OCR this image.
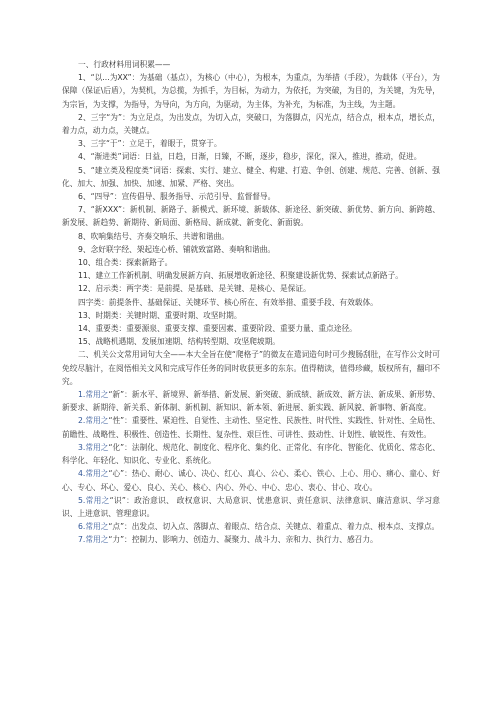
一、行政材料用词积累——

1、“以...为XX”：为基础（基点），为核心（中心），为根本，为重点，为举措（手段），为载体（平台），为保障（保证\后盾），为契机，为总揽，为抓手，为目标，为动力，为依托，为突破，为目的，为关键，为先导，为宗旨，为支撑，为指导，为导向，为方向，为驱动，为主体，为补充，为标准，为主线，为主题。

2、三字“为”：为立足点，为出发点，为切入点，突破口，为落脚点，闪光点，结合点，根本点，增长点，着力点，动力点，关键点。

3、三字“于”：立足于，着眼于，贯穿于。

4、“渐进类”词语：日益，日趋，日渐，日臻，不断，逐步，稳步，深化，深入，推进，推动，促进。

5、“建立类及程度类”词语：探索、实行、建立、健全、构建、打造、争创、创建、规范、完善、创新、强化、加大、加强、加快、加速、加紧、严格、突出。

6、“四导”：宣传倡导、服务指导、示范引导、监督督导。

7、“新XXX”：新机制、新路子、新模式、新环境、新载体、新途径、新突破、新优势、新方向、新跨越、新发展、新趋势、新期待、新局面、新格局、新成就、新变化、新面貌。

8、吹响集结号、齐奏交响乐、共谱和谐曲。

9、念好联字经、架起连心桥、铺就致富路、奏响和谐曲。

10、组合类：探索新路子。

11、建立工作新机制、明确发展新方向、拓展增收新途径、积聚建设新优势、探索试点新路子。

12、启示类：两字类：是前提、是基础、是关键、是核心、是保证。

四字类：前提条件、基础保证、关键环节、核心所在、有效举措、重要手段、有效载体。

13、时期类：关键时期、重要时期、攻坚时期。

14、重要类：重要源泉、重要支撑、重要因素、重要阶段、重要力量、重点途径。

15、战略机遇期、发展加速期、结构转型期、攻坚爬坡期。

二、机关公文常用词句大全——本大全旨在使“爬格子”的微友在遣词造句时可少搜肠刮肚，在写作公文时可免绞尽脑汁，在阅悟相关文风和完成写作任务的同时收获更多的东东。值得精读，值得珍藏，版权所有，翻印不究。

1.常用之“新”：新水平、新境界、新举措、新发展、新突破、新成绩、新成效、新方法、新成果、新形势、新要求、新期待、新关系、新体制、新机制、新知识、新本领、新进展、新实践、新风貌、新事物、新高度。

2.常用之“性”：重要性、紧迫性、自觉性、主动性、坚定性、民族性、时代性、实践性、针对性、全局性、前瞻性、战略性、积极性、创造性、长期性、复杂性、艰巨性、可讲性、鼓动性、计划性、敏锐性、有效性。

3.常用之“化”：法制化、规范化、制度化、程序化、集约化、正常化、有序化、智能化、优质化、常态化、科学化、年轻化、知识化、专业化、系统化。

4.常用之“心”：热心、耐心、诚心、决心、红心、真心、公心、柔心、铁心、上心、用心、痛心、童心、好心、专心、坏心、爱心、良心、关心、核心、内心、外心、中心、忠心、衷心、甘心、攻心。

5.常用之“识”：政治意识、 政权意识、大局意识、忧患意识、责任意识、法律意识、廉洁意识、学习意识、上进意识、管理意识。

6.常用之“点”：出发点、切入点、落脚点、着眼点、结合点、关键点、着重点、着力点、根本点、支撑点。

7.常用之“力”：控制力、影响力、创造力、凝聚力、战斗力、亲和力、执行力、感召力。
